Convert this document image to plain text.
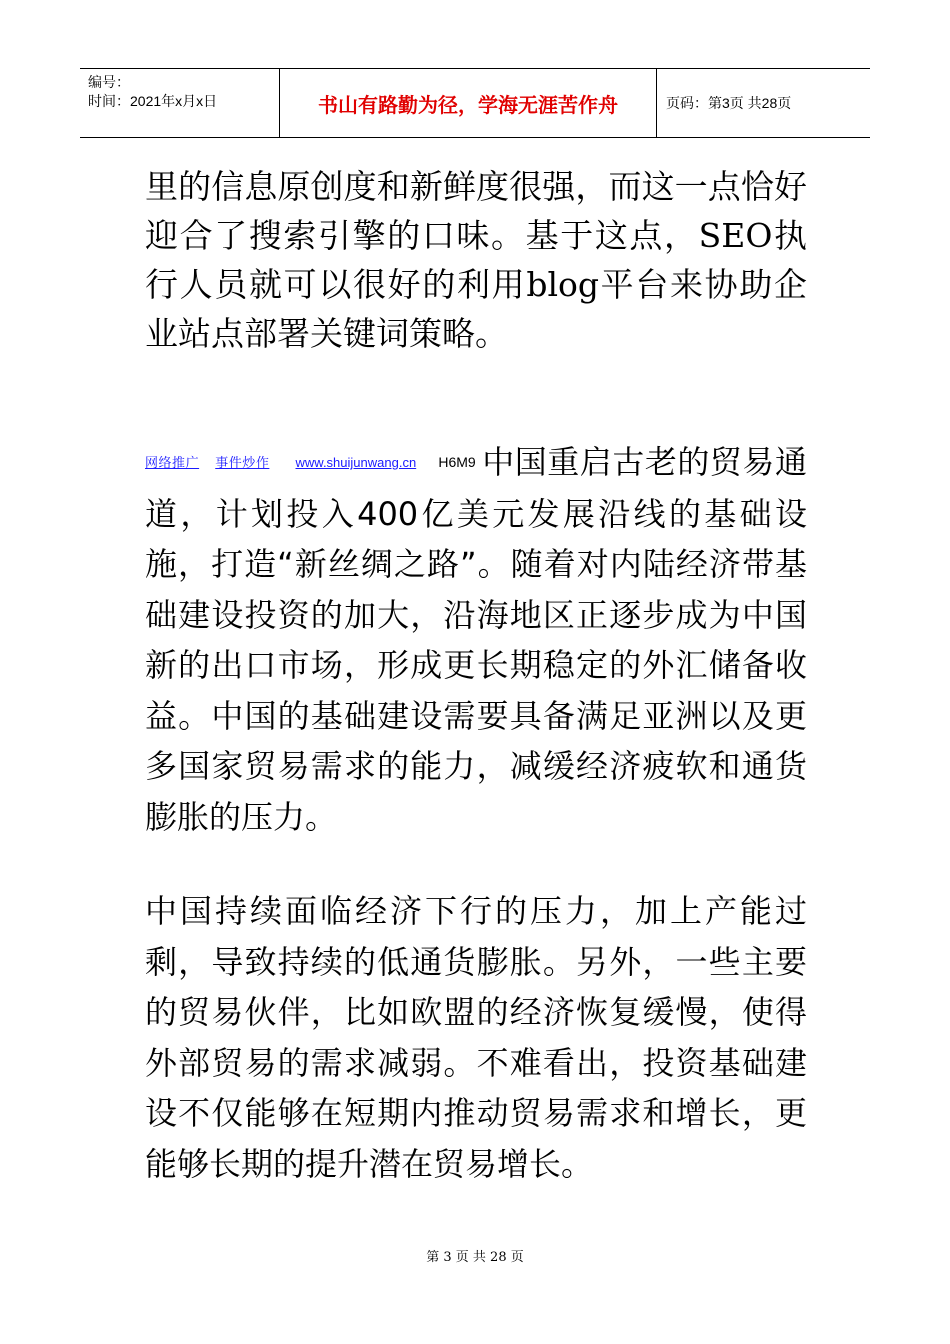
编号：
时间：2021年x月x日	书山有路勤为径，学海无涯苦作舟	页码：第3页 共28页
里的信息原创度和新鲜度很强，而这一点恰好迎合了搜索引擎的口味。基于这点，SEO执行人员就可以很好的利用blog平台来协助企业站点部署关键词策略。
网络推广 事件炒作 www.shuijunwang.cn H6M9 中国重启古老的贸易通道，计划投入400亿美元发展沿线的基础设施，打造“新丝绸之路”。随着对内陆经济带基础建设投资的加大，沿海地区正逐步成为中国新的出口市场，形成更长期稳定的外汇储备收益。中国的基础建设需要具备满足亚洲以及更多国家贸易需求的能力，减缓经济疲软和通货膨胀的压力。
中国持续面临经济下行的压力，加上产能过剩，导致持续的低通货膨胀。另外，一些主要的贸易伙伴，比如欧盟的经济恢复缓慢，使得外部贸易的需求减弱。不难看出，投资基础建设不仅能够在短期内推动贸易需求和增长，更能够长期的提升潜在贸易增长。
第 3 页 共 28 页
